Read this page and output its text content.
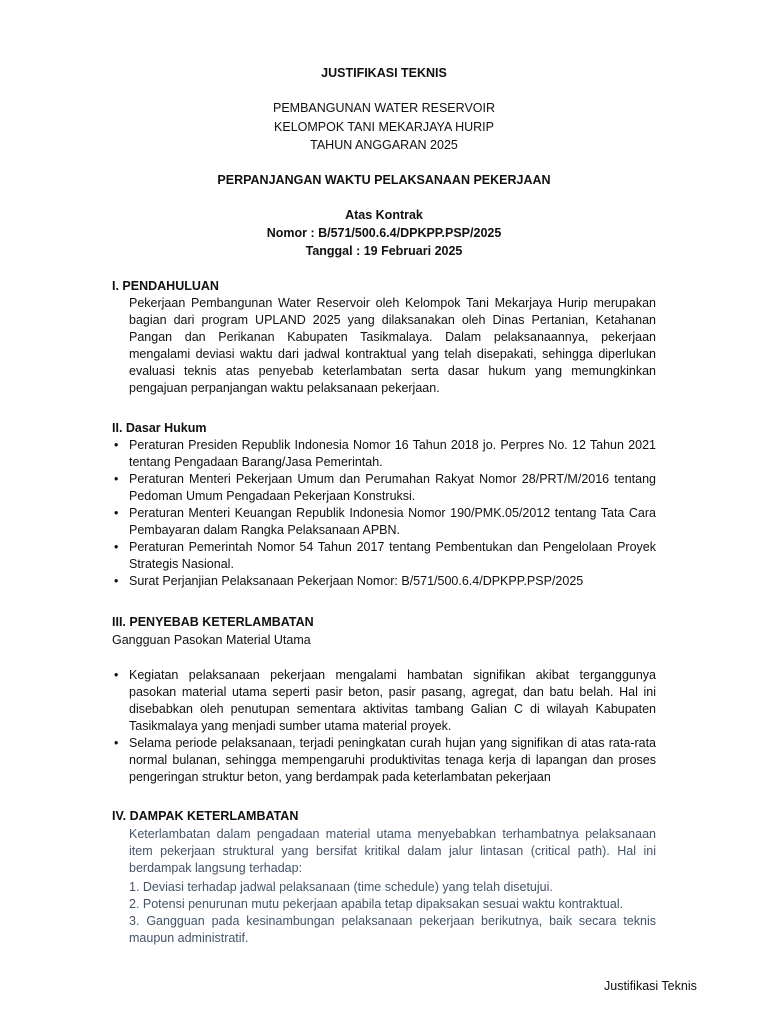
JUSTIFIKASI TEKNIS
PEMBANGUNAN WATER RESERVOIR
KELOMPOK TANI MEKARJAYA HURIP
TAHUN ANGGARAN 2025
PERPANJANGAN WAKTU PELAKSANAAN PEKERJAAN
Atas Kontrak
Nomor : B/571/500.6.4/DPKPP.PSP/2025
Tanggal : 19 Februari 2025
I. PENDAHULUAN
Pekerjaan Pembangunan Water Reservoir oleh Kelompok Tani Mekarjaya Hurip merupakan bagian dari program UPLAND 2025 yang dilaksanakan oleh Dinas Pertanian, Ketahanan Pangan dan Perikanan Kabupaten Tasikmalaya. Dalam pelaksanaannya, pekerjaan mengalami deviasi waktu dari jadwal kontraktual yang telah disepakati, sehingga diperlukan evaluasi teknis atas penyebab keterlambatan serta dasar hukum yang memungkinkan pengajuan perpanjangan waktu pelaksanaan pekerjaan.
II. Dasar Hukum
• Peraturan Presiden Republik Indonesia Nomor 16 Tahun 2018 jo. Perpres No. 12 Tahun 2021 tentang Pengadaan Barang/Jasa Pemerintah.
• Peraturan Menteri Pekerjaan Umum dan Perumahan Rakyat Nomor 28/PRT/M/2016 tentang Pedoman Umum Pengadaan Pekerjaan Konstruksi.
• Peraturan Menteri Keuangan Republik Indonesia Nomor 190/PMK.05/2012 tentang Tata Cara Pembayaran dalam Rangka Pelaksanaan APBN.
• Peraturan Pemerintah Nomor 54 Tahun 2017 tentang Pembentukan dan Pengelolaan Proyek Strategis Nasional.
• Surat Perjanjian Pelaksanaan Pekerjaan Nomor: B/571/500.6.4/DPKPP.PSP/2025
III. PENYEBAB KETERLAMBATAN
Gangguan Pasokan Material Utama
• Kegiatan pelaksanaan pekerjaan mengalami hambatan signifikan akibat terganggunya pasokan material utama seperti pasir beton, pasir pasang, agregat, dan batu belah. Hal ini disebabkan oleh penutupan sementara aktivitas tambang Galian C di wilayah Kabupaten Tasikmalaya yang menjadi sumber utama material proyek.
• Selama periode pelaksanaan, terjadi peningkatan curah hujan yang signifikan di atas rata-rata normal bulanan, sehingga mempengaruhi produktivitas tenaga kerja di lapangan dan proses pengeringan struktur beton, yang berdampak pada keterlambatan pekerjaan
IV. DAMPAK KETERLAMBATAN
Keterlambatan dalam pengadaan material utama menyebabkan terhambatnya pelaksanaan item pekerjaan struktural yang bersifat kritikal dalam jalur lintasan (critical path). Hal ini berdampak langsung terhadap:
1. Deviasi terhadap jadwal pelaksanaan (time schedule) yang telah disetujui.
2. Potensi penurunan mutu pekerjaan apabila tetap dipaksakan sesuai waktu kontraktual.
3. Gangguan pada kesinambungan pelaksanaan pekerjaan berikutnya, baik secara teknis maupun administratif.
Justifikasi Teknis
